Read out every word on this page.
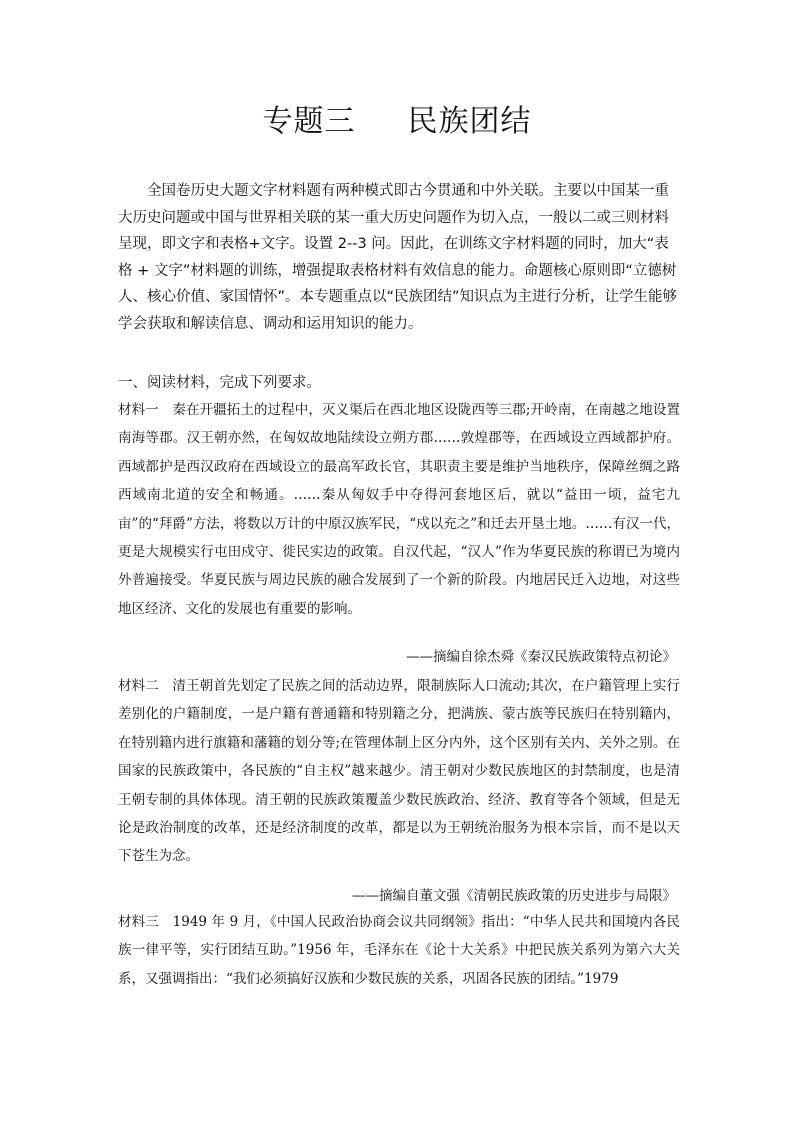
专题三 民族团结

全国卷历史大题文字材料题有两种模式即古今贯通和中外关联。主要以中国某一重大历史问题或中国与世界相关联的某一重大历史问题作为切入点，一般以二或三则材料呈现，即文字和表格+文字。设置 2--3 问。因此，在训练文字材料题的同时，加大“表格 + 文字”材料题的训练，增强提取表格材料有效信息的能力。命题核心原则即“立德树人、核心价值、家国情怀”。本专题重点以“民族团结”知识点为主进行分析，让学生能够学会获取和解读信息、调动和运用知识的能力。

一、阅读材料，完成下列要求。

材料一　秦在开疆拓土的过程中，灭义渠后在西北地区设陇西等三郡;开岭南，在南越之地设置南海等郡。汉王朝亦然，在匈奴故地陆续设立朔方郡……敦煌郡等，在西域设立西域都护府。西域都护是西汉政府在西域设立的最高军政长官，其职责主要是维护当地秩序，保障丝绸之路西域南北道的安全和畅通。……秦从匈奴手中夺得河套地区后，就以“益田一顷，益宅九亩”的“拜爵”方法，将数以万计的中原汉族军民，“戍以充之”和迁去开垦土地。……有汉一代，更是大规模实行屯田戍守、徙民实边的政策。自汉代起，“汉人”作为华夏民族的称谓已为境内外普遍接受。华夏民族与周边民族的融合发展到了一个新的阶段。内地居民迁入边地，对这些地区经济、文化的发展也有重要的影响。

——摘编自徐杰舜《秦汉民族政策特点初论》

材料二　清王朝首先划定了民族之间的活动边界，限制族际人口流动;其次，在户籍管理上实行差别化的户籍制度，一是户籍有普通籍和特别籍之分，把满族、蒙古族等民族归在特别籍内，在特别籍内进行旗籍和藩籍的划分等;在管理体制上区分内外，这个区别有关内、关外之别。在国家的民族政策中，各民族的“自主权”越来越少。清王朝对少数民族地区的封禁制度，也是清王朝专制的具体体现。清王朝的民族政策覆盖少数民族政治、经济、教育等各个领域，但是无论是政治制度的改革，还是经济制度的改革，都是以为王朝统治服务为根本宗旨，而不是以天下苍生为念。

——摘编自董文强《清朝民族政策的历史进步与局限》

材料三　1949 年 9 月，《中国人民政治协商会议共同纲领》指出：“中华人民共和国境内各民族一律平等，实行团结互助。”1956 年，毛泽东在《论十大关系》中把民族关系列为第六大关系，又强调指出：“我们必须搞好汉族和少数民族的关系，巩固各民族的团结。”1979
